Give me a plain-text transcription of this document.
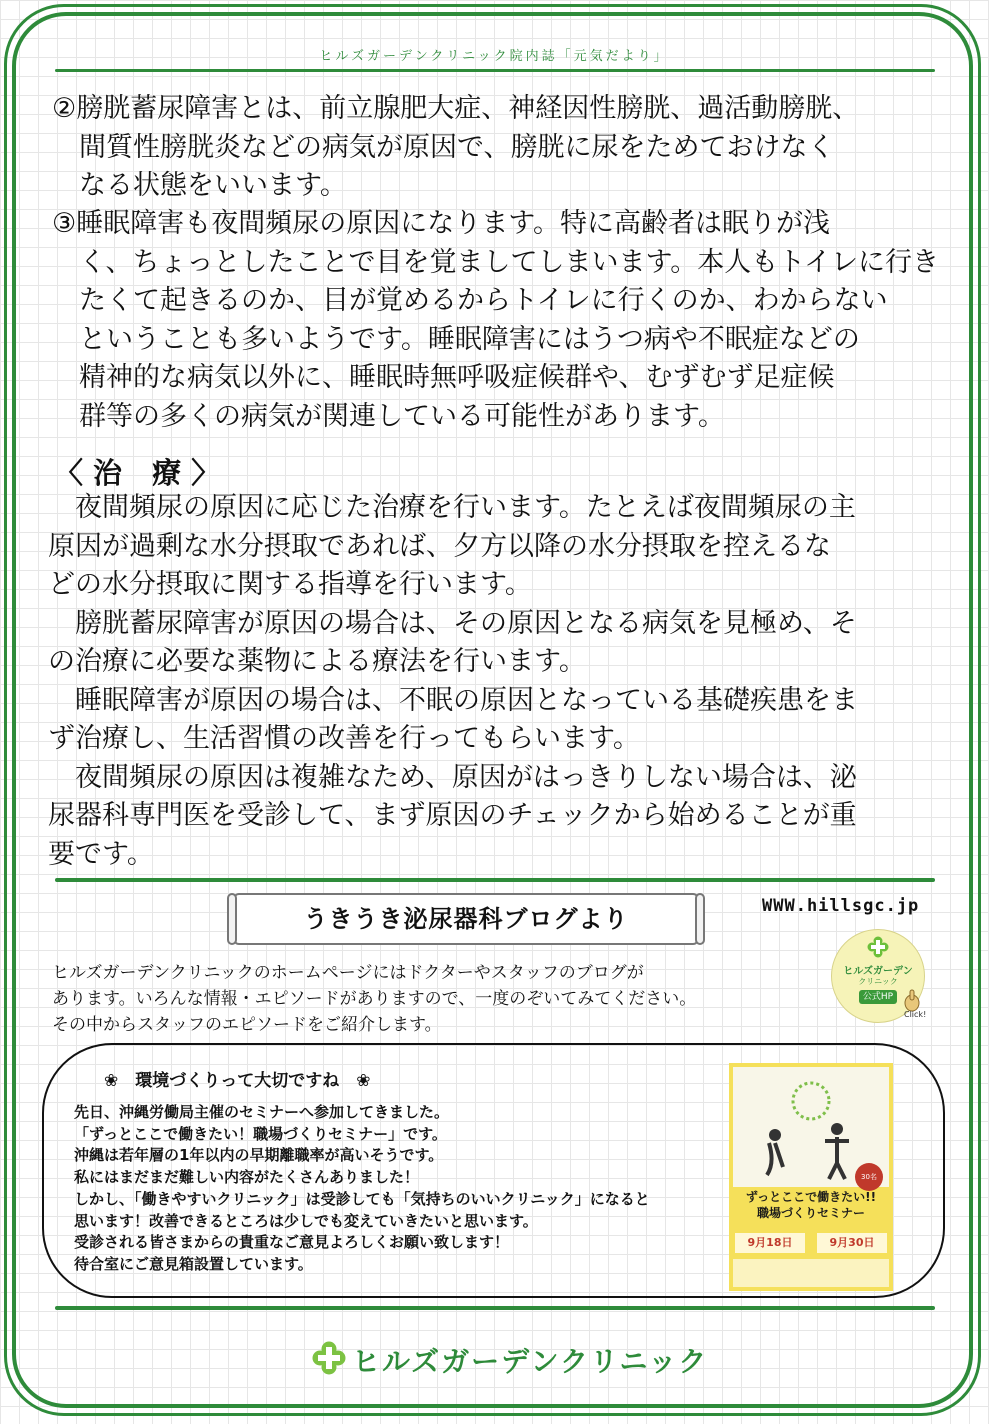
ヒルズガーデンクリニック院内誌「元気だより」
②膀胱蓄尿障害とは、前立腺肥大症、神経因性膀胱、過活動膀胱、
　間質性膀胱炎などの病気が原因で、膀胱に尿をためておけなく
　なる状態をいいます。
③睡眠障害も夜間頻尿の原因になります。特に高齢者は眠りが浅
　く、ちょっとしたことで目を覚ましてしまいます。本人もトイレに行き
　たくて起きるのか、目が覚めるからトイレに行くのか、わからない
　ということも多いようです。睡眠障害にはうつ病や不眠症などの
　精神的な病気以外に、睡眠時無呼吸症候群や、むずむず足症候
　群等の多くの病気が関連している可能性があります。
〈治 療〉
　夜間頻尿の原因に応じた治療を行います。たとえば夜間頻尿の主
原因が過剰な水分摂取であれば、夕方以降の水分摂取を控えるな
どの水分摂取に関する指導を行います。
　膀胱蓄尿障害が原因の場合は、その原因となる病気を見極め、そ
の治療に必要な薬物による療法を行います。
　睡眠障害が原因の場合は、不眠の原因となっている基礎疾患をま
ず治療し、生活習慣の改善を行ってもらいます。
　夜間頻尿の原因は複雑なため、原因がはっきりしない場合は、泌
尿器科専門医を受診して、まず原因のチェックから始めることが重
要です。
うきうき泌尿器科ブログより	WWW.hillsgc.jp
ヒルズガーデン
クリニック
公式HP
Click!
ヒルズガーデンクリニックのホームページにはドクターやスタッフのブログが
あります。いろんな情報・エピソードがありますので、一度のぞいてみてください。
その中からスタッフのエピソードをご紹介します。
❀　環境づくりって大切ですね　❀
先日、沖縄労働局主催のセミナーへ参加してきました。
「ずっとここで働きたい！職場づくりセミナー」です。
沖縄は若年層の1年以内の早期離職率が高いそうです。
私にはまだまだ難しい内容がたくさんありました！
しかし、「働きやすいクリニック」は受診しても「気持ちのいいクリニック」になると
思います！改善できるところは少しでも変えていきたいと思います。
受診される皆さまからの貴重なご意見よろしくお願い致します！
待合室にご意見箱設置しています。
30名
ずっとここで働きたい!!
職場づくりセミナー
9月18日	9月30日
ヒルズガーデンクリニック
